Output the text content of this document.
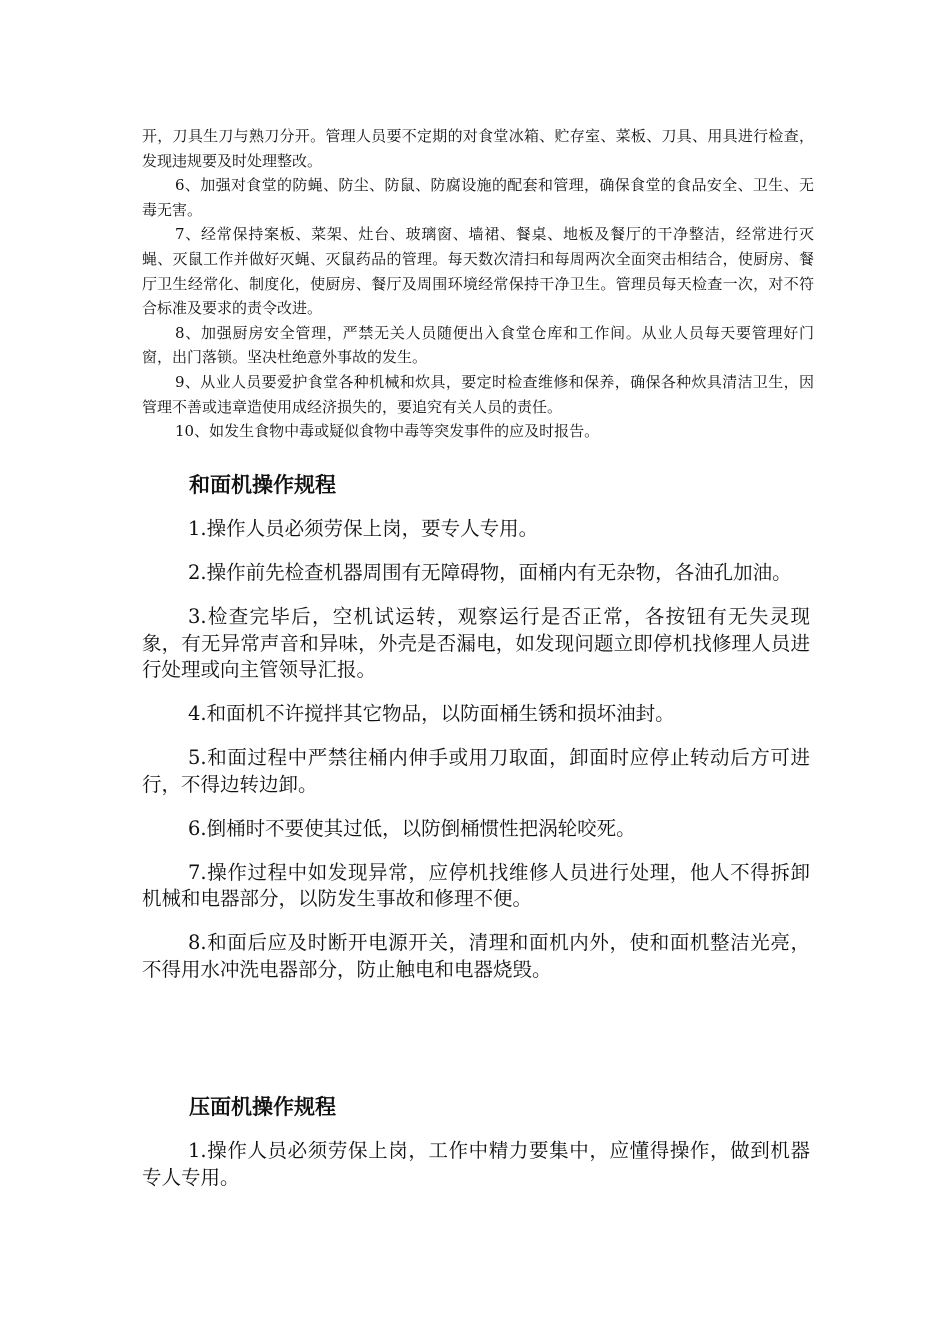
开，刀具生刀与熟刀分开。管理人员要不定期的对食堂冰箱、贮存室、菜板、刀具、用具进行检查，发现违规要及时处理整改。

6、加强对食堂的防蝇、防尘、防鼠、防腐设施的配套和管理，确保食堂的食品安全、卫生、无毒无害。

7、经常保持案板、菜架、灶台、玻璃窗、墙裙、餐桌、地板及餐厅的干净整洁，经常进行灭蝇、灭鼠工作并做好灭蝇、灭鼠药品的管理。每天数次清扫和每周两次全面突击相结合，使厨房、餐厅卫生经常化、制度化，使厨房、餐厅及周围环境经常保持干净卫生。管理员每天检查一次，对不符合标准及要求的责令改进。

8、加强厨房安全管理，严禁无关人员随便出入食堂仓库和工作间。从业人员每天要管理好门窗，出门落锁。坚决杜绝意外事故的发生。

9、从业人员要爱护食堂各种机械和炊具，要定时检查维修和保养，确保各种炊具清洁卫生，因管理不善或违章造使用成经济损失的，要追究有关人员的责任。

10、如发生食物中毒或疑似食物中毒等突发事件的应及时报告。

和面机操作规程

1.操作人员必须劳保上岗，要专人专用。

2.操作前先检查机器周围有无障碍物，面桶内有无杂物，各油孔加油。

3.检查完毕后，空机试运转，观察运行是否正常，各按钮有无失灵现象，有无异常声音和异味，外壳是否漏电，如发现问题立即停机找修理人员进行处理或向主管领导汇报。

4.和面机不许搅拌其它物品，以防面桶生锈和损坏油封。

5.和面过程中严禁往桶内伸手或用刀取面，卸面时应停止转动后方可进行，不得边转边卸。

6.倒桶时不要使其过低，以防倒桶惯性把涡轮咬死。

7.操作过程中如发现异常，应停机找维修人员进行处理，他人不得拆卸机械和电器部分，以防发生事故和修理不便。

8.和面后应及时断开电源开关，清理和面机内外，使和面机整洁光亮，不得用水冲洗电器部分，防止触电和电器烧毁。

压面机操作规程

1.操作人员必须劳保上岗，工作中精力要集中，应懂得操作，做到机器专人专用。
